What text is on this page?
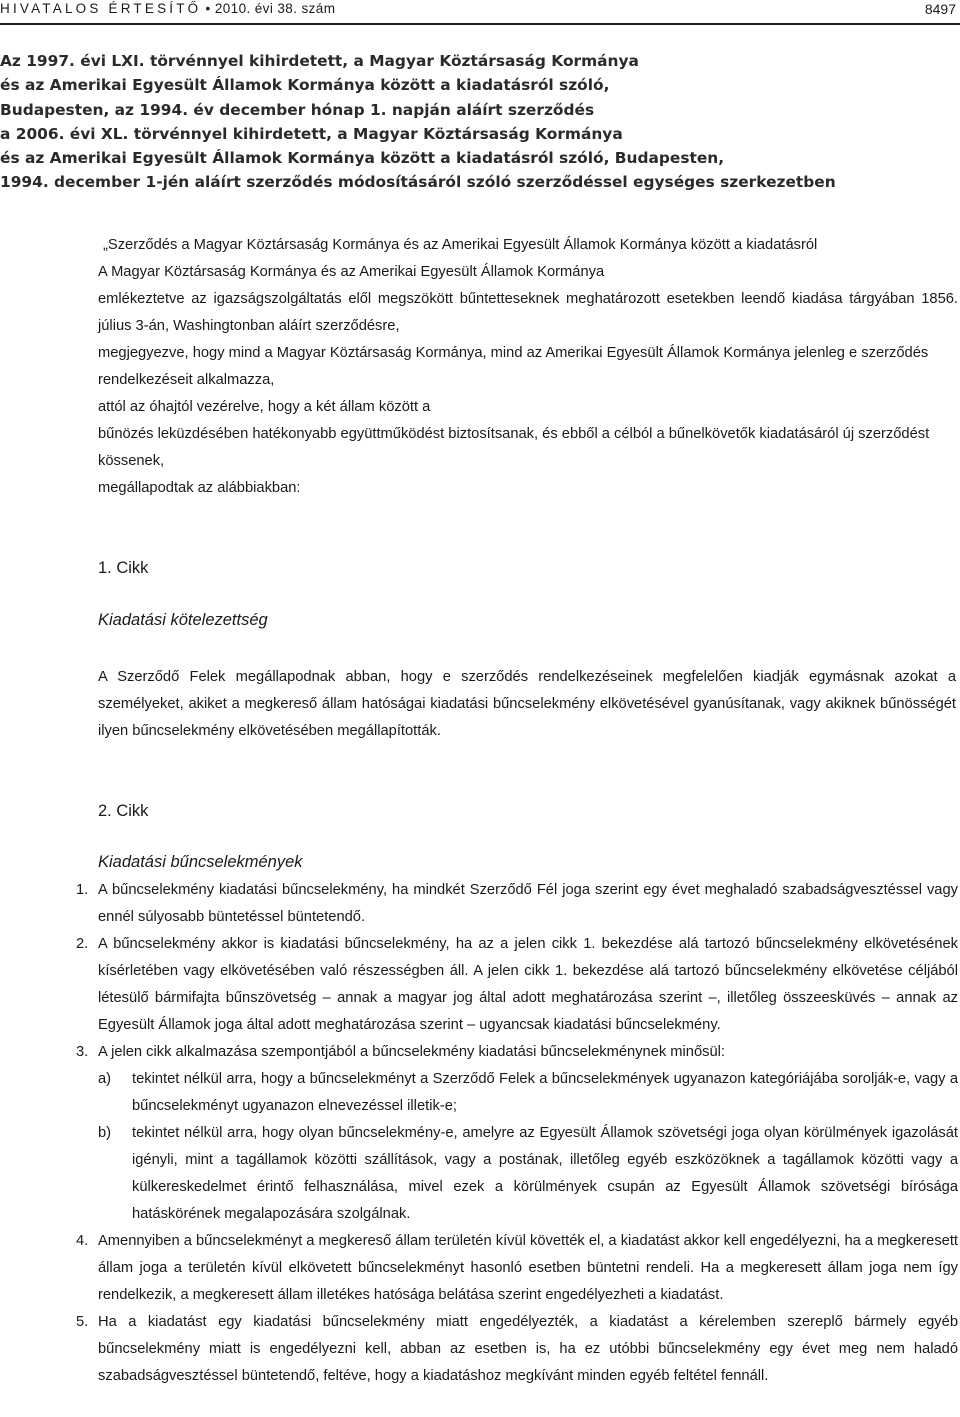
HIVATALOS ÉRTESÍTŐ • 2010. évi 38. szám	8497
Az 1997. évi LXI. törvénnyel kihirdetett, a Magyar Köztársaság Kormánya
és az Amerikai Egyesült Államok Kormánya között a kiadatásról szóló,
Budapesten, az 1994. év december hónap 1. napján aláírt szerződés
a 2006. évi XL. törvénnyel kihirdetett, a Magyar Köztársaság Kormánya
és az Amerikai Egyesült Államok Kormánya között a kiadatásról szóló, Budapesten,
1994. december 1-jén aláírt szerződés módosításáról szóló szerződéssel egységes szerkezetben

„Szerződés a Magyar Köztársaság Kormánya és az Amerikai Egyesült Államok Kormánya között a kiadatásról

A Magyar Köztársaság Kormánya és az Amerikai Egyesült Államok Kormánya

emlékeztetve az igazságszolgáltatás elől megszökött bűntetteseknek meghatározott esetekben leendő kiadása tárgyában 1856. július 3-án, Washingtonban aláírt szerződésre,

megjegyezve, hogy mind a Magyar Köztársaság Kormánya, mind az Amerikai Egyesült Államok Kormánya jelenleg e szerződés rendelkezéseit alkalmazza,

attól az óhajtól vezérelve, hogy a két állam között a

bűnözés leküzdésében hatékonyabb együttműködést biztosítsanak, és ebből a célból a bűnelkövetők kiadatásáról új szerződést kössenek,

megállapodtak az alábbiakban:

1. Cikk

Kiadatási kötelezettség

A Szerződő Felek megállapodnak abban, hogy e szerződés rendelkezéseinek megfelelően kiadják egymásnak azokat a személyeket, akiket a megkereső állam hatóságai kiadatási bűncselekmény elkövetésével gyanúsítanak, vagy akiknek bűnösségét ilyen bűncselekmény elkövetésében megállapították.

2. Cikk

Kiadatási bűncselekmények

1. A bűncselekmény kiadatási bűncselekmény, ha mindkét Szerződő Fél joga szerint egy évet meghaladó szabadságvesztéssel vagy ennél súlyosabb büntetéssel büntetendő.

2. A bűncselekmény akkor is kiadatási bűncselekmény, ha az a jelen cikk 1. bekezdése alá tartozó bűncselekmény elkövetésének kísérletében vagy elkövetésében való részességben áll. A jelen cikk 1. bekezdése alá tartozó bűncselekmény elkövetése céljából létesülő bármifajta bűnszövetség – annak a magyar jog által adott meghatározása szerint –, illetőleg összeesküvés – annak az Egyesült Államok joga által adott meghatározása szerint – ugyancsak kiadatási bűncselekmény.

3. A jelen cikk alkalmazása szempontjából a bűncselekmény kiadatási bűncselekménynek minősül:

a) tekintet nélkül arra, hogy a bűncselekményt a Szerződő Felek a bűncselekmények ugyanazon kategóriájába sorolják-e, vagy a bűncselekményt ugyanazon elnevezéssel illetik-e;

b) tekintet nélkül arra, hogy olyan bűncselekmény-e, amelyre az Egyesült Államok szövetségi joga olyan körülmények igazolását igényli, mint a tagállamok közötti szállítások, vagy a postának, illetőleg egyéb eszközöknek a tagállamok közötti vagy a külkereskedelmet érintő felhasználása, mivel ezek a körülmények csupán az Egyesült Államok szövetségi bírósága hatáskörének megalapozására szolgálnak.

4. Amennyiben a bűncselekményt a megkereső állam területén kívül követték el, a kiadatást akkor kell engedélyezni, ha a megkeresett állam joga a területén kívül elkövetett bűncselekményt hasonló esetben büntetni rendeli. Ha a megkeresett állam joga nem így rendelkezik, a megkeresett állam illetékes hatósága belátása szerint engedélyezheti a kiadatást.

5. Ha a kiadatást egy kiadatási bűncselekmény miatt engedélyezték, a kiadatást a kérelemben szereplő bármely egyéb bűncselekmény miatt is engedélyezni kell, abban az esetben is, ha ez utóbbi bűncselekmény egy évet meg nem haladó szabadságvesztéssel büntetendő, feltéve, hogy a kiadatáshoz megkívánt minden egyéb feltétel fennáll.
